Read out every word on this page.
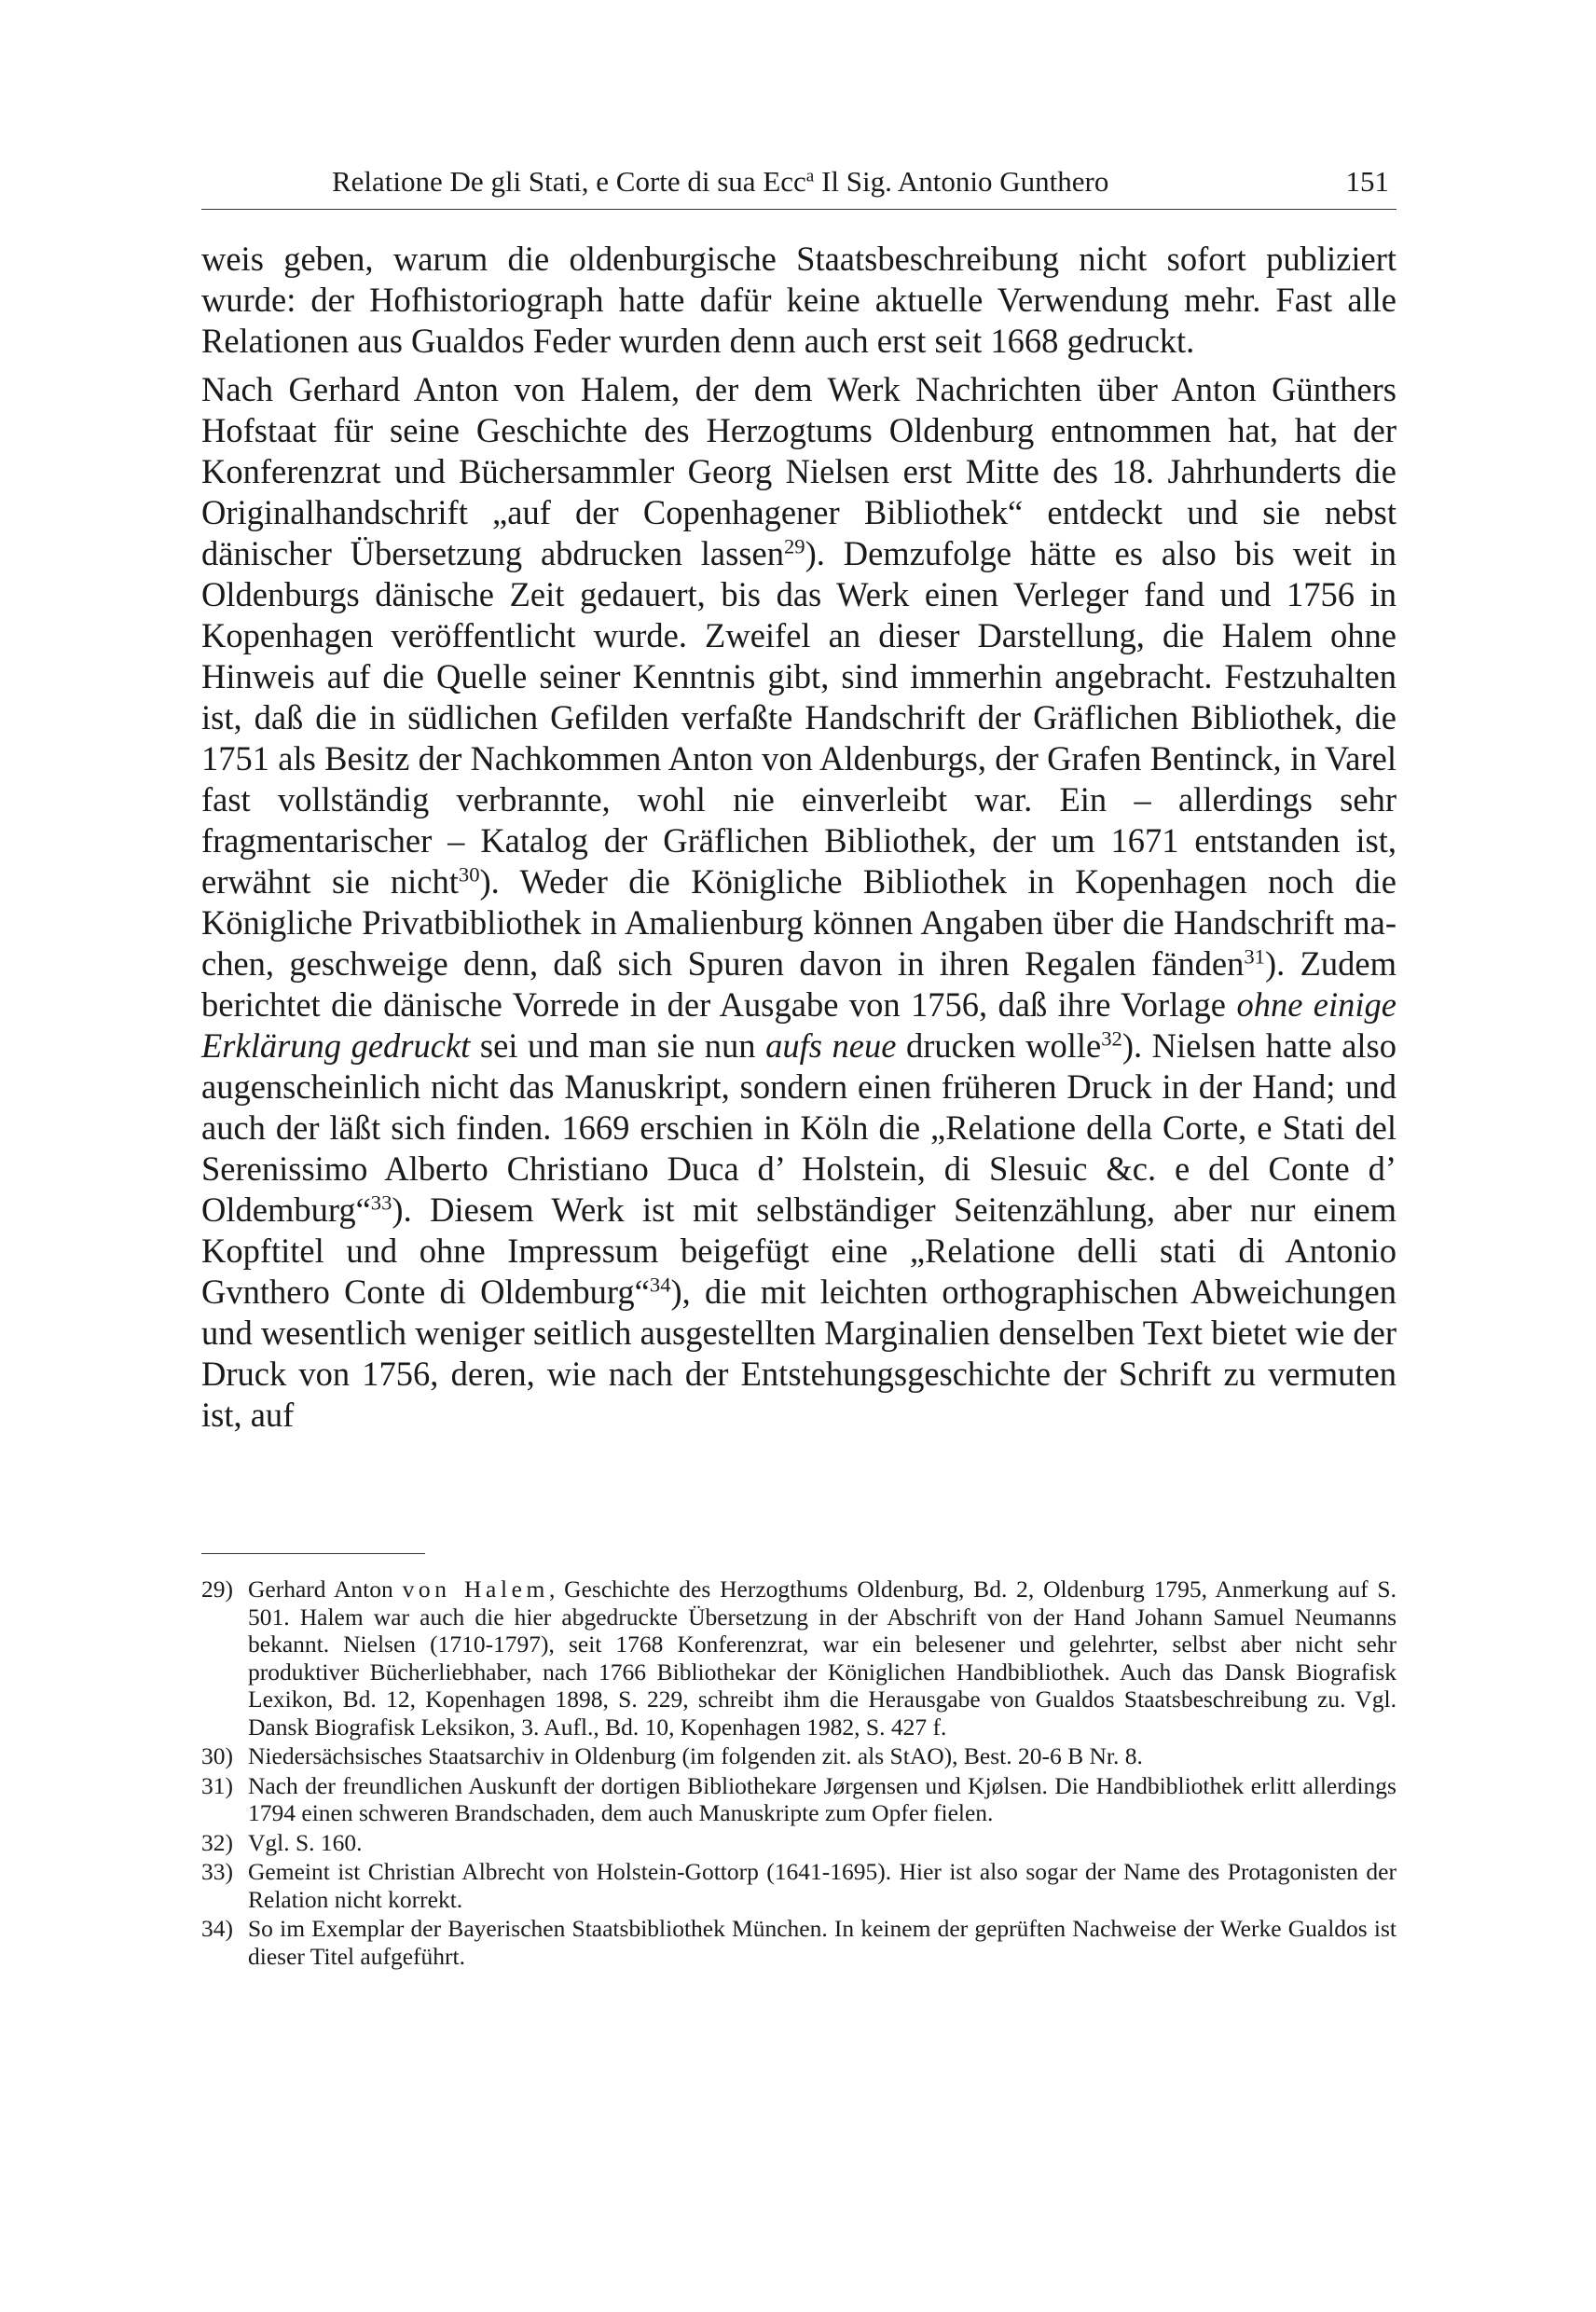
Relatione De gli Stati, e Corte di sua Ecc$^a$ Il Sig. Antonio Gunthero	151

weis geben, warum die oldenburgische Staatsbeschreibung nicht sofort publiziert wurde: der Hofhistoriograph hatte dafür keine aktuelle Verwendung mehr. Fast alle Relationen aus Gualdos Feder wurden denn auch erst seit 1668 gedruckt.

Nach Gerhard Anton von Halem, der dem Werk Nachrichten über Anton Günthers Hofstaat für seine Geschichte des Herzogtums Oldenburg entnommen hat, hat der Konferenzrat und Büchersammler Georg Nielsen erst Mitte des 18. Jahrhunderts die Originalhandschrift „auf der Copenhagener Bibliothek“ entdeckt und sie nebst dänischer Übersetzung abdrucken lassen$^{29}$). Demzufolge hätte es also bis weit in Oldenburgs dänische Zeit gedauert, bis das Werk einen Verleger fand und 1756 in Kopenhagen veröffentlicht wurde. Zweifel an dieser Darstellung, die Halem ohne Hinweis auf die Quelle seiner Kenntnis gibt, sind immerhin angebracht. Festzuhalten ist, daß die in südlichen Gefilden verfaßte Handschrift der Gräflichen Bibliothek, die 1751 als Besitz der Nachkommen Anton von Aldenburgs, der Grafen Bentinck, in Varel fast vollständig verbrannte, wohl nie einverleibt war. Ein – allerdings sehr fragmentarischer – Katalog der Gräflichen Bibliothek, der um 1671 entstanden ist, erwähnt sie nicht$^{30}$). Weder die Königliche Bibliothek in Kopenhagen noch die Königliche Privatbibliothek in Amalienburg können Angaben über die Handschrift machen, geschweige denn, daß sich Spuren davon in ihren Regalen fänden$^{31}$). Zudem berichtet die dänische Vorrede in der Ausgabe von 1756, daß ihre Vorlage ohne einige Erklärung gedruckt sei und man sie nun aufs neue drucken wolle$^{32}$). Nielsen hatte also augenscheinlich nicht das Manuskript, sondern einen früheren Druck in der Hand; und auch der läßt sich finden. 1669 erschien in Köln die „Relatione della Corte, e Stati del Serenissimo Alberto Christiano Duca d’ Holstein, di Slesuic &c. e del Conte d’ Oldemburg“$^{33}$). Diesem Werk ist mit selbständiger Seitenzählung, aber nur einem Kopftitel und ohne Impressum beigefügt eine „Relatione delli stati di Antonio Gvnthero Conte di Oldemburg“$^{34}$), die mit leichten orthographischen Abweichungen und wesentlich weniger seitlich ausgestellten Marginalien denselben Text bietet wie der Druck von 1756, deren, wie nach der Entstehungsgeschichte der Schrift zu vermuten ist, auf

29) Gerhard Anton von Halem, Geschichte des Herzogthums Oldenburg, Bd. 2, Oldenburg 1795, Anmerkung auf S. 501. Halem war auch die hier abgedruckte Übersetzung in der Abschrift von der Hand Johann Samuel Neumanns bekannt. Nielsen (1710-1797), seit 1768 Konferenzrat, war ein belesener und gelehrter, selbst aber nicht sehr produktiver Bücherliebhaber, nach 1766 Bibliothekar der Königlichen Handbibliothek. Auch das Dansk Biografisk Lexikon, Bd. 12, Kopenhagen 1898, S. 229, schreibt ihm die Herausgabe von Gualdos Staatsbeschreibung zu. Vgl. Dansk Biografisk Leksikon, 3. Aufl., Bd. 10, Kopenhagen 1982, S. 427 f.
30) Niedersächsisches Staatsarchiv in Oldenburg (im folgenden zit. als StAO), Best. 20-6 B Nr. 8.
31) Nach der freundlichen Auskunft der dortigen Bibliothekare Jørgensen und Kjølsen. Die Handbibliothek erlitt allerdings 1794 einen schweren Brandschaden, dem auch Manuskripte zum Opfer fielen.
32) Vgl. S. 160.
33) Gemeint ist Christian Albrecht von Holstein-Gottorp (1641-1695). Hier ist also sogar der Name des Protagonisten der Relation nicht korrekt.
34) So im Exemplar der Bayerischen Staatsbibliothek München. In keinem der geprüften Nachweise der Werke Gualdos ist dieser Titel aufgeführt.
